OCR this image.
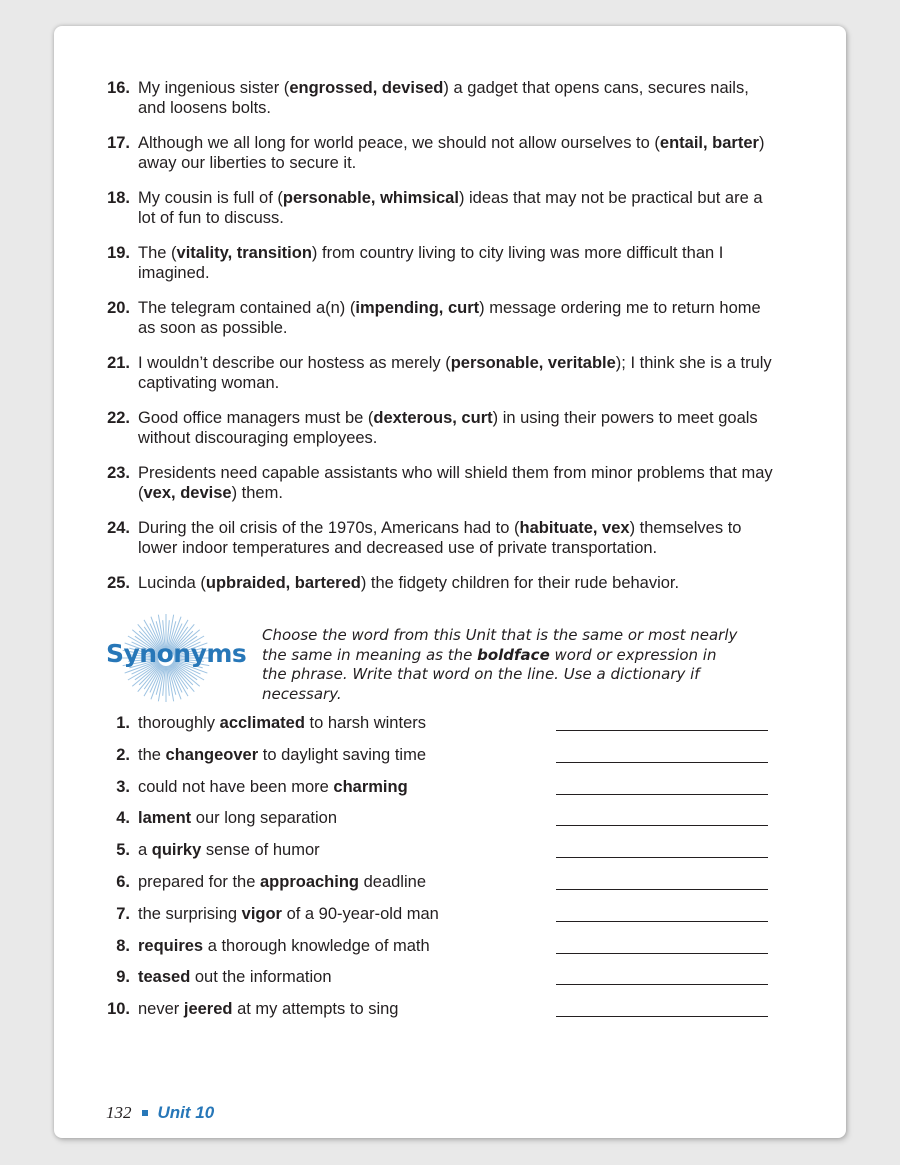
16. My ingenious sister (engrossed, devised) a gadget that opens cans, secures nails, and loosens bolts.
17. Although we all long for world peace, we should not allow ourselves to (entail, barter) away our liberties to secure it.
18. My cousin is full of (personable, whimsical) ideas that may not be practical but are a lot of fun to discuss.
19. The (vitality, transition) from country living to city living was more difficult than I imagined.
20. The telegram contained a(n) (impending, curt) message ordering me to return home as soon as possible.
21. I wouldn’t describe our hostess as merely (personable, veritable); I think she is a truly captivating woman.
22. Good office managers must be (dexterous, curt) in using their powers to meet goals without discouraging employees.
23. Presidents need capable assistants who will shield them from minor problems that may (vex, devise) them.
24. During the oil crisis of the 1970s, Americans had to (habituate, vex) themselves to lower indoor temperatures and decreased use of private transportation.
25. Lucinda (upbraided, bartered) the fidgety children for their rude behavior.
Synonyms
Choose the word from this Unit that is the same or most nearly the same in meaning as the boldface word or expression in the phrase. Write that word on the line. Use a dictionary if necessary.
1. thoroughly acclimated to harsh winters
2. the changeover to daylight saving time
3. could not have been more charming
4. lament our long separation
5. a quirky sense of humor
6. prepared for the approaching deadline
7. the surprising vigor of a 90-year-old man
8. requires a thorough knowledge of math
9. teased out the information
10. never jeered at my attempts to sing
132 Unit 10
